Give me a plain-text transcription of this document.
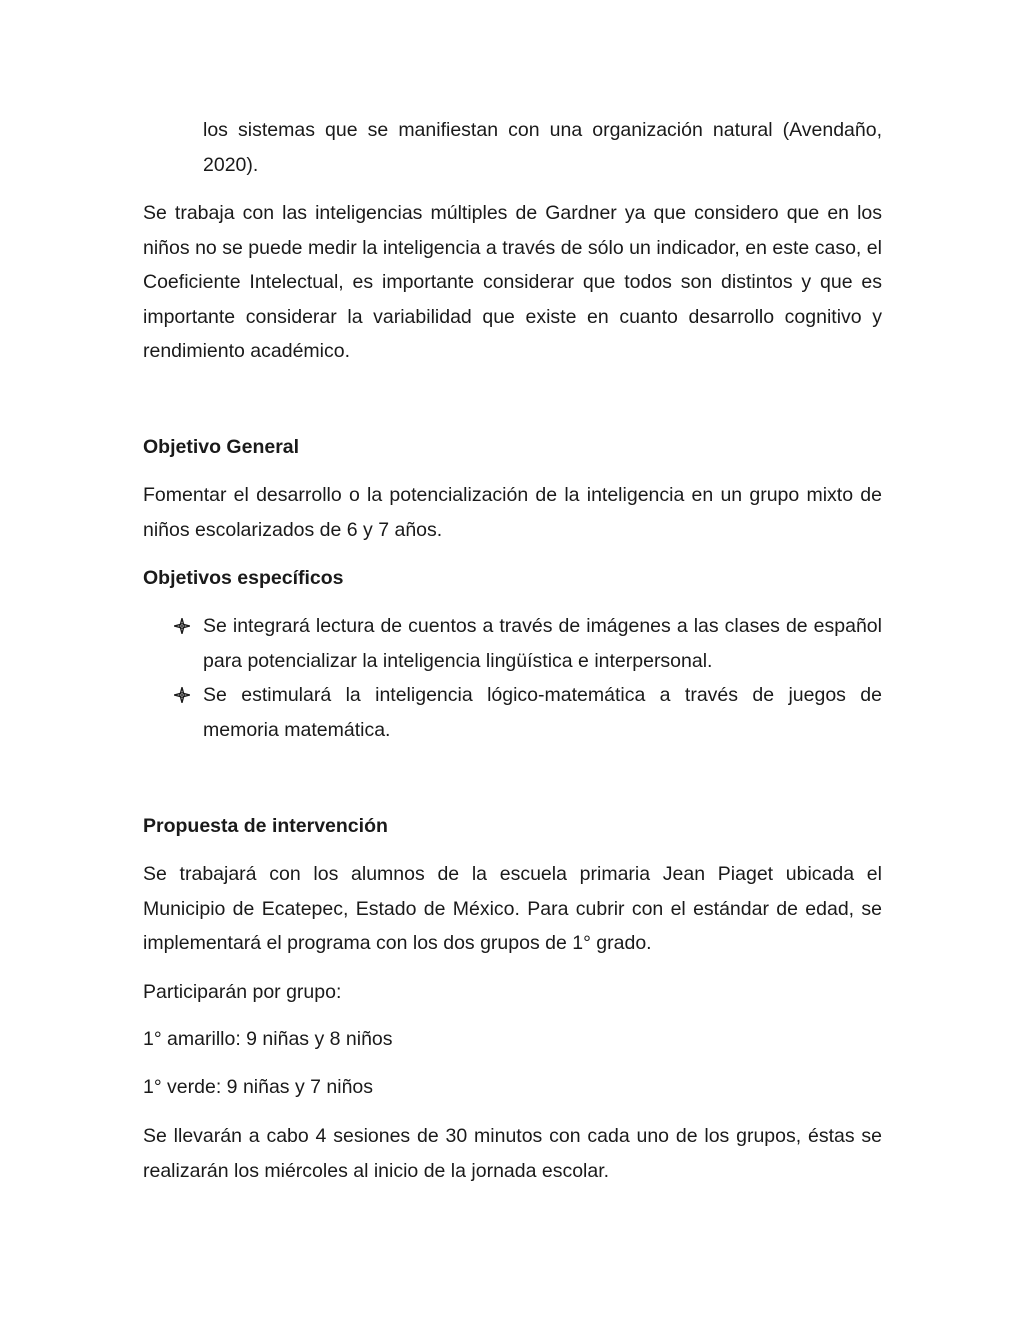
los sistemas que se manifiestan con una organización natural (Avendaño, 2020).

Se trabaja con las inteligencias múltiples de Gardner ya que considero que en los niños no se puede medir la inteligencia a través de sólo un indicador, en este caso, el Coeficiente Intelectual, es importante considerar que todos son distintos y que es importante considerar la variabilidad que existe en cuanto desarrollo cognitivo y rendimiento académico.

Objetivo General

Fomentar el desarrollo o la potencialización de la inteligencia en un grupo mixto de niños escolarizados de 6 y 7 años.

Objetivos específicos

Se integrará lectura de cuentos a través de imágenes a las clases de español para potencializar la inteligencia lingüística e interpersonal.

Se estimulará la inteligencia lógico-matemática a través de juegos de memoria matemática.

Propuesta de intervención

Se trabajará con los alumnos de la escuela primaria Jean Piaget ubicada el Municipio de Ecatepec, Estado de México. Para cubrir con el estándar de edad, se implementará el programa con los dos grupos de 1° grado.

Participarán por grupo:

1° amarillo: 9 niñas y 8 niños

1° verde: 9 niñas y 7 niños

Se llevarán a cabo 4 sesiones de 30 minutos con cada uno de los grupos, éstas se realizarán los miércoles al inicio de la jornada escolar.
